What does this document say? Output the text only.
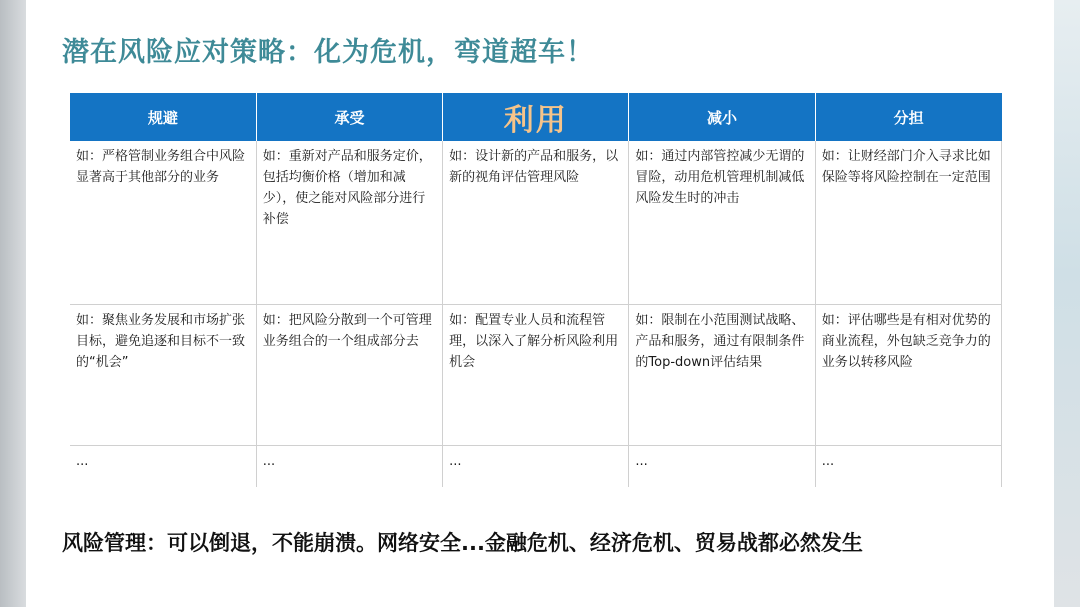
潜在风险应对策略：化为危机，弯道超车！
规避	承受	利用	减小	分担
如：严格管制业务组合中风险显著高于其他部分的业务	如：重新对产品和服务定价，包括均衡价格（增加和减少），使之能对风险部分进行补偿	如：设计新的产品和服务，以新的视角评估管理风险	如：通过内部管控减少无谓的冒险，动用危机管理机制减低风险发生时的冲击	如：让财经部门介入寻求比如保险等将风险控制在一定范围
如：聚焦业务发展和市场扩张目标，避免追逐和目标不一致的“机会”	如：把风险分散到一个可管理业务组合的一个组成部分去	如：配置专业人员和流程管理，以深入了解分析风险利用机会	如：限制在小范围测试战略、产品和服务，通过有限制条件的Top-down评估结果	如：评估哪些是有相对优势的商业流程，外包缺乏竞争力的业务以转移风险
...	...	...	...	...
风险管理：可以倒退，不能崩溃。网络安全...金融危机、经济危机、贸易战都必然发生
